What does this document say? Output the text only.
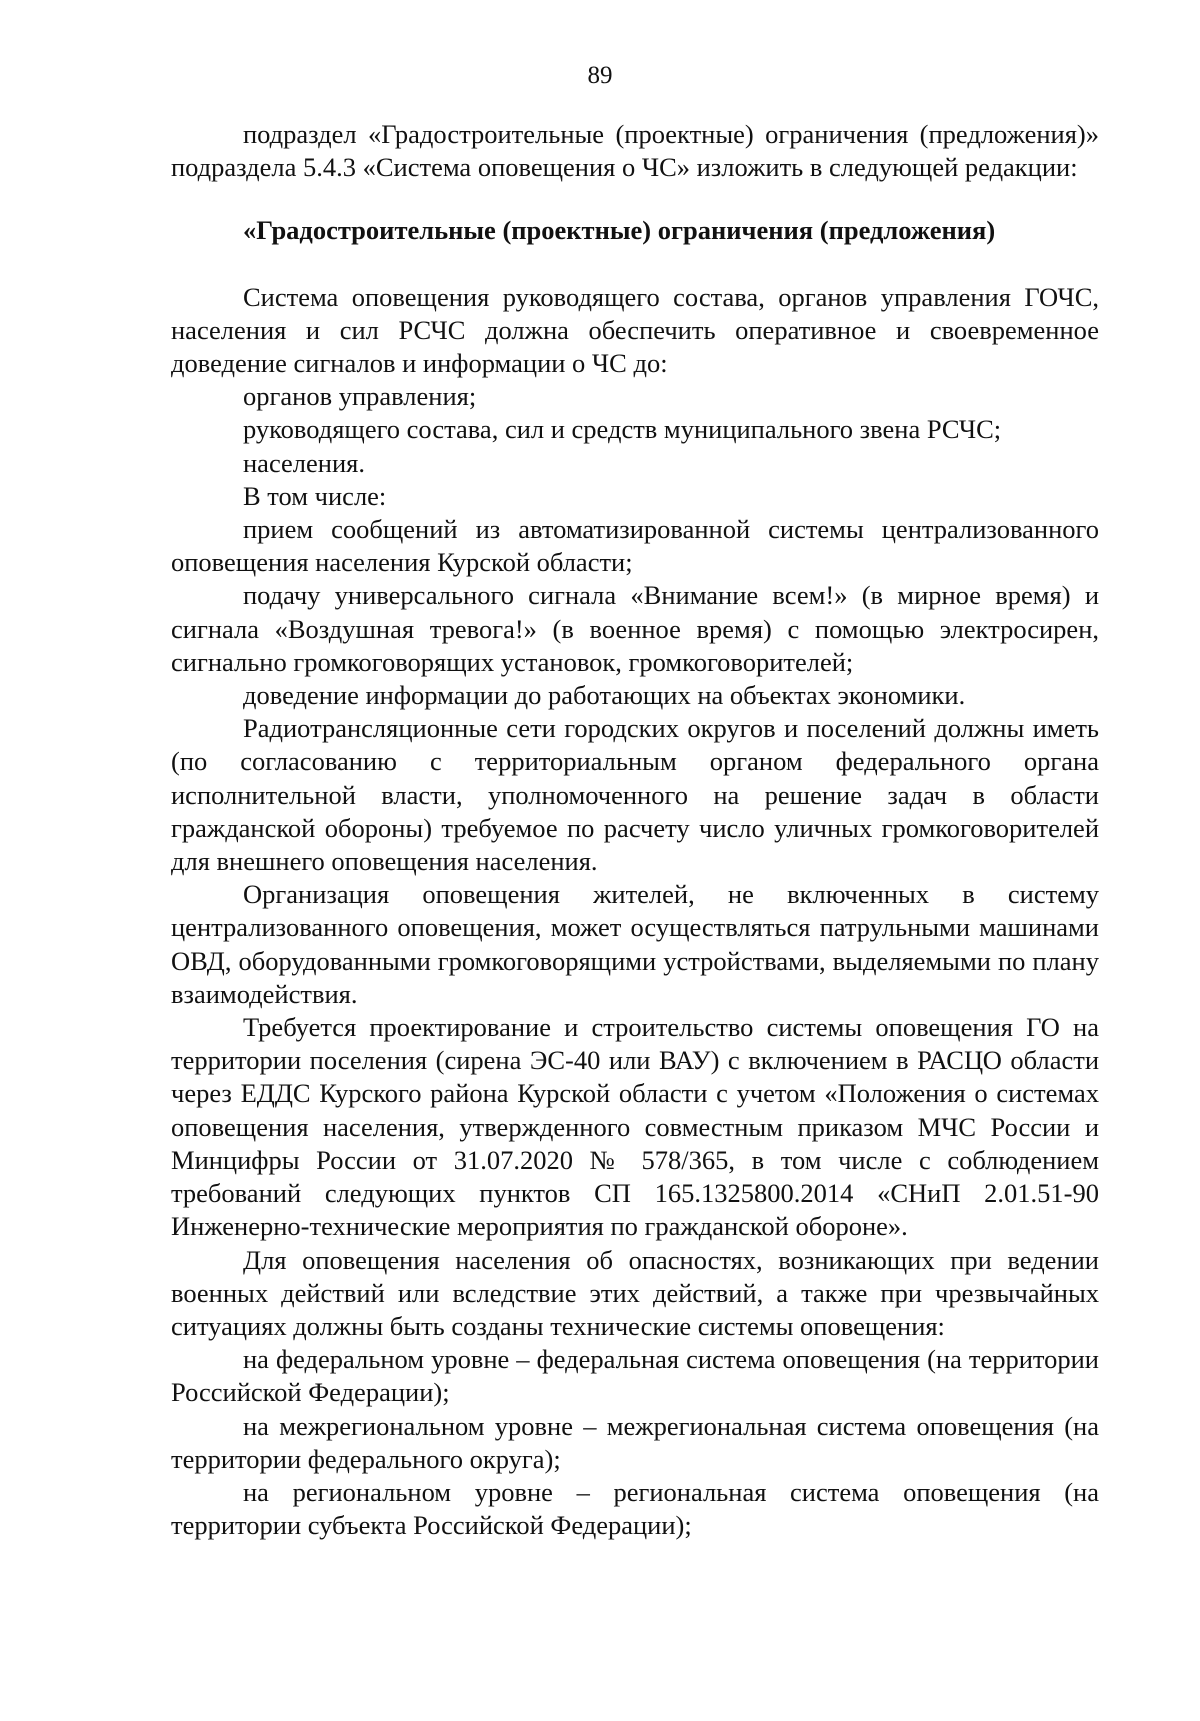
89

подраздел «Градостроительные (проектные) ограничения (предложения)» подраздела 5.4.3 «Система оповещения о ЧС» изложить в следующей редакции:

«Градостроительные (проектные) ограничения (предложения)

Система оповещения руководящего состава, органов управления ГОЧС, населения и сил РСЧС должна обеспечить оперативное и своевременное доведение сигналов и информации о ЧС до:

органов управления;

руководящего состава, сил и средств муниципального звена РСЧС;

населения.

В том числе:

прием сообщений из автоматизированной системы централизованного оповещения населения Курской области;

подачу универсального сигнала «Внимание всем!» (в мирное время) и сигнала «Воздушная тревога!» (в военное время) с помощью электросирен, сигнально громкоговорящих установок, громкоговорителей;

доведение информации до работающих на объектах экономики.

Радиотрансляционные сети городских округов и поселений должны иметь (по согласованию с территориальным органом федерального органа исполнительной власти, уполномоченного на решение задач в области гражданской обороны) требуемое по расчету число уличных громкоговорителей для внешнего оповещения населения.

Организация оповещения жителей, не включенных в систему централизованного оповещения, может осуществляться патрульными машинами ОВД, оборудованными громкоговорящими устройствами, выделяемыми по плану взаимодействия.

Требуется проектирование и строительство системы оповещения ГО на территории поселения (сирена ЭС-40 или ВАУ) с включением в РАСЦО области через ЕДДС Курского района Курской области с учетом «Положения о системах оповещения населения, утвержденного совместным приказом МЧС России и Минцифры России от 31.07.2020 № 578/365, в том числе с соблюдением требований следующих пунктов СП 165.1325800.2014 «СНиП 2.01.51-90 Инженерно-технические мероприятия по гражданской обороне».

Для оповещения населения об опасностях, возникающих при ведении военных действий или вследствие этих действий, а также при чрезвычайных ситуациях должны быть созданы технические системы оповещения:

на федеральном уровне – федеральная система оповещения (на территории Российской Федерации);

на межрегиональном уровне – межрегиональная система оповещения (на территории федерального округа);

на региональном уровне – региональная система оповещения (на территории субъекта Российской Федерации);
